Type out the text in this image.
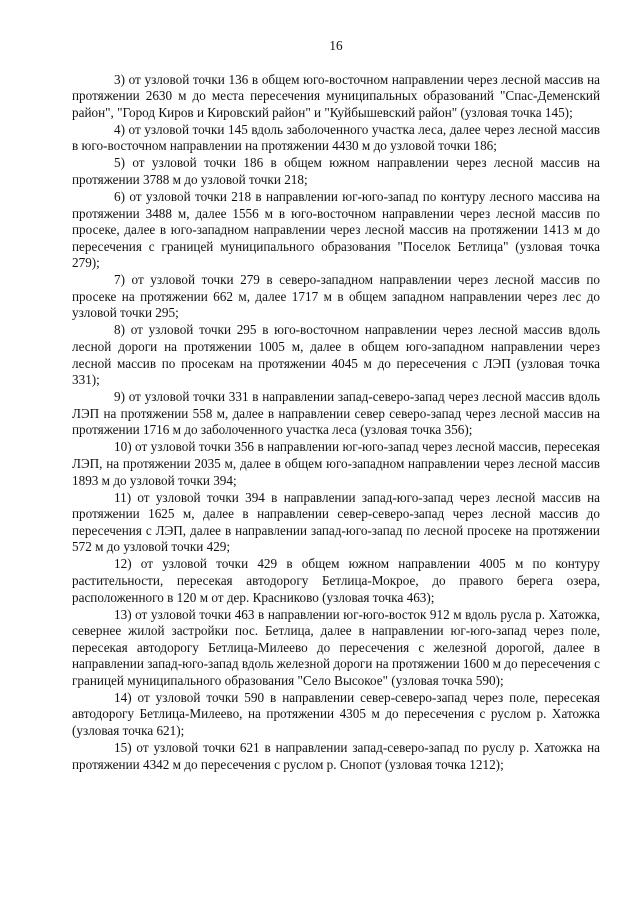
16

3) от узловой точки 136 в общем юго-восточном направлении через лесной массив на протяжении 2630 м до места пересечения муниципальных образований "Спас-Деменский район", "Город Киров и Кировский район" и "Куйбышевский район" (узловая точка 145);

4) от узловой точки 145 вдоль заболоченного участка леса, далее через лесной массив в юго-восточном направлении на протяжении 4430 м до узловой точки 186;

5) от узловой точки 186 в общем южном направлении через лесной массив на протяжении 3788 м до узловой точки 218;

6) от узловой точки 218 в направлении юг-юго-запад по контуру лесного массива на протяжении 3488 м, далее 1556 м в юго-восточном направлении через лесной массив по просеке, далее в юго-западном направлении через лесной массив на протяжении 1413 м до пересечения с границей муниципального образования "Поселок Бетлица" (узловая точка 279);

7) от узловой точки 279 в северо-западном направлении через лесной массив по просеке на протяжении 662 м, далее 1717 м в общем западном направлении через лес до узловой точки 295;

8) от узловой точки 295 в юго-восточном направлении через лесной массив вдоль лесной дороги на протяжении 1005 м, далее в общем юго-западном направлении через лесной массив по просекам на протяжении 4045 м до пересечения с ЛЭП (узловая точка 331);

9) от узловой точки 331 в направлении запад-северо-запад через лесной массив вдоль ЛЭП на протяжении 558 м, далее в направлении север северо-запад через лесной массив на протяжении 1716 м до заболоченного участка леса (узловая точка 356);

10) от узловой точки 356 в направлении юг-юго-запад через лесной массив, пересекая ЛЭП, на протяжении 2035 м, далее в общем юго-западном направлении через лесной массив 1893 м до узловой точки 394;

11) от узловой точки 394 в направлении запад-юго-запад через лесной массив на протяжении 1625 м, далее в направлении север-северо-запад через лесной массив до пересечения с ЛЭП, далее в направлении запад-юго-запад по лесной просеке на протяжении 572 м до узловой точки 429;

12) от узловой точки 429 в общем южном направлении 4005 м по контуру растительности, пересекая автодорогу Бетлица-Мокрое, до правого берега озера, расположенного в 120 м от дер. Красниково (узловая точка 463);

13) от узловой точки 463 в направлении юг-юго-восток 912 м вдоль русла р. Хатожка, севернее жилой застройки пос. Бетлица, далее в направлении юг-юго-запад через поле, пересекая автодорогу Бетлица-Милеево до пересечения с железной дорогой, далее в направлении запад-юго-запад вдоль железной дороги на протяжении 1600 м до пересечения с границей муниципального образования "Село Высокое" (узловая точка 590);

14) от узловой точки 590 в направлении север-северо-запад через поле, пересекая автодорогу Бетлица-Милеево, на протяжении 4305 м до пересечения с руслом р. Хатожка (узловая точка 621);

15) от узловой точки 621 в направлении запад-северо-запад по руслу р. Хатожка на протяжении 4342 м до пересечения с руслом р. Снопот (узловая точка 1212);
